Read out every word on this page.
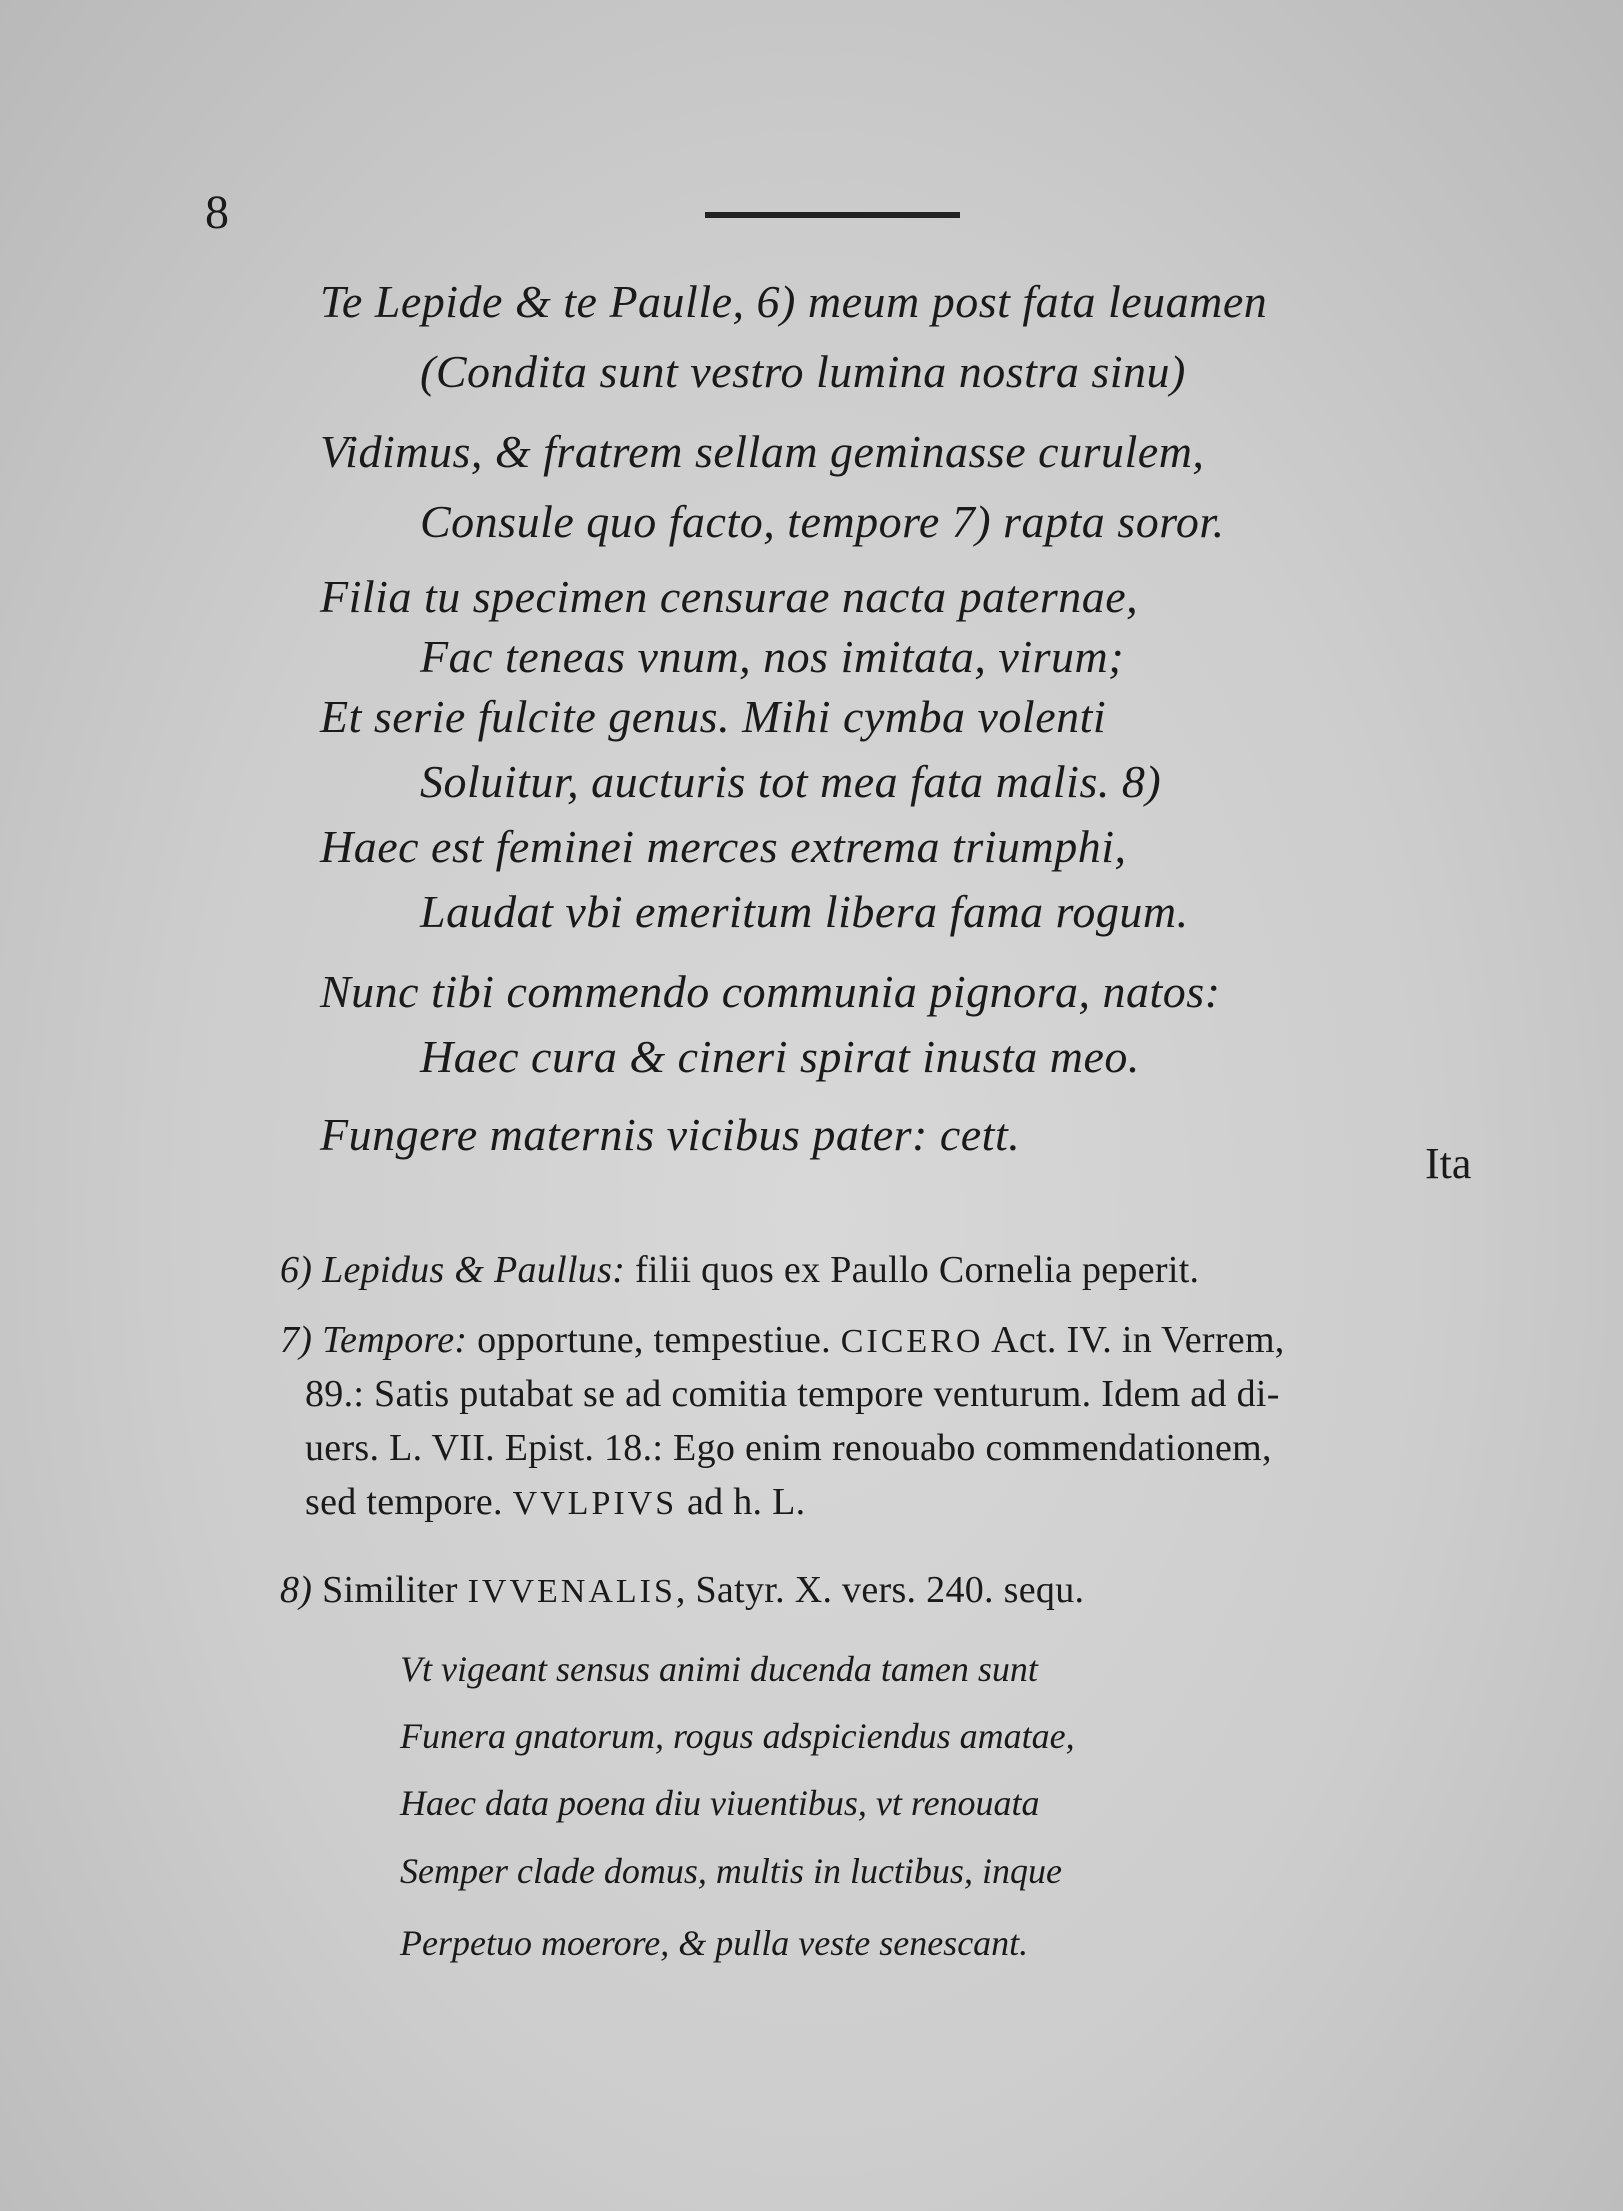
8
Te Lepide & te Paulle, 6) meum post fata leuamen
(Condita sunt vestro lumina nostra sinu)
Vidimus, & fratrem sellam geminasse curulem,
Consule quo facto, tempore 7) rapta soror.
Filia tu specimen censurae nacta paternae,
Fac teneas vnum, nos imitata, virum;
Et serie fulcite genus. Mihi cymba volenti
Soluitur, aucturis tot mea fata malis. 8)
Haec est feminei merces extrema triumphi,
Laudat vbi emeritum libera fama rogum.
Nunc tibi commendo communia pignora, natos:
Haec cura & cineri spirat inusta meo.
Fungere maternis vicibus pater: cett.
Ita
6) Lepidus & Paullus: filii quos ex Paullo Cornelia peperit.
7) Tempore: opportune, tempestiue. CICERO Act. IV. in Verrem,
89.: Satis putabat se ad comitia tempore venturum. Idem ad di-
uers. L. VII. Epist. 18.: Ego enim renouabo commendationem,
sed tempore. VVLPIVS ad h. L.
8) Similiter IVVENALIS, Satyr. X. vers. 240. sequ.
Vt vigeant sensus animi ducenda tamen sunt
Funera gnatorum, rogus adspiciendus amatae,
Haec data poena diu viuentibus, vt renouata
Semper clade domus, multis in luctibus, inque
Perpetuo moerore, & pulla veste senescant.
